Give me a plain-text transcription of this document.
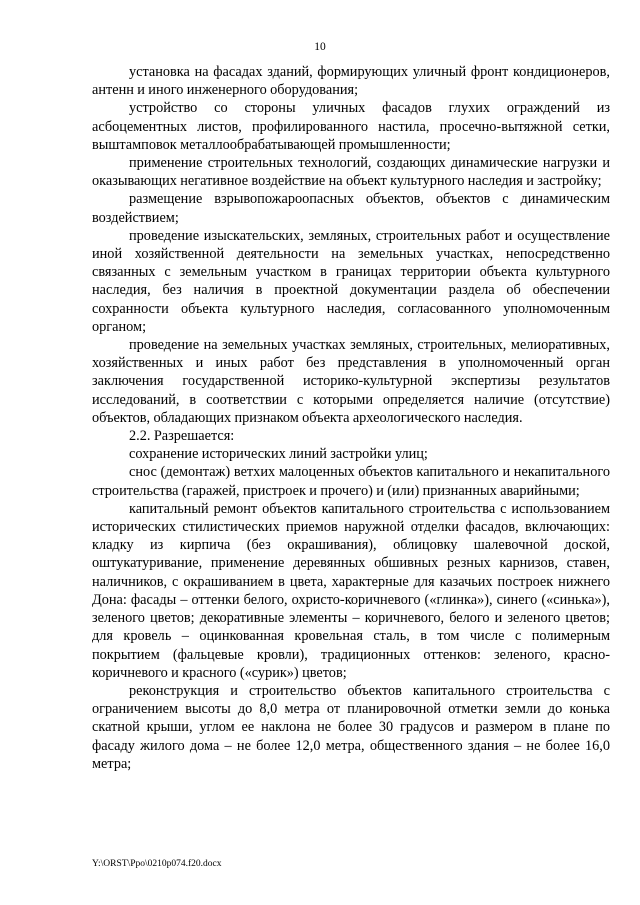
10

установка на фасадах зданий, формирующих уличный фронт кондиционеров, антенн и иного инженерного оборудования;

устройство со стороны уличных фасадов глухих ограждений из асбоцементных листов, профилированного настила, просечно-вытяжной сетки, выштамповок металлообрабатывающей промышленности;

применение строительных технологий, создающих динамические нагрузки и оказывающих негативное воздействие на объект культурного наследия и застройку;

размещение взрывопожароопасных объектов, объектов с динамическим воздействием;

проведение изыскательских, земляных, строительных работ и осуществление иной хозяйственной деятельности на земельных участках, непосредственно связанных с земельным участком в границах территории объекта культурного наследия, без наличия в проектной документации раздела об обеспечении сохранности объекта культурного наследия, согласованного уполномоченным органом;

проведение на земельных участках земляных, строительных, мелиоративных, хозяйственных и иных работ без представления в уполномоченный орган заключения государственной историко-культурной экспертизы результатов исследований, в соответствии с которыми определяется наличие (отсутствие) объектов, обладающих признаком объекта археологического наследия.

2.2. Разрешается:

сохранение исторических линий застройки улиц;

снос (демонтаж) ветхих малоценных объектов капитального и некапитального строительства (гаражей, пристроек и прочего) и (или) признанных аварийными;

капитальный ремонт объектов капитального строительства с использованием исторических стилистических приемов наружной отделки фасадов, включающих: кладку из кирпича (без окрашивания), облицовку шалевочной доской, оштукатуривание, применение деревянных обшивных резных карнизов, ставен, наличников, с окрашиванием в цвета, характерные для казачьих построек нижнего Дона: фасады – оттенки белого, охристо-коричневого («глинка»), синего («синька»), зеленого цветов; декоративные элементы – коричневого, белого и зеленого цветов; для кровель – оцинкованная кровельная сталь, в том числе с полимерным покрытием (фальцевые кровли), традиционных оттенков: зеленого, красно-коричневого и красного («сурик») цветов;

реконструкция и строительство объектов капитального строительства с ограничением высоты до 8,0 метра от планировочной отметки земли до конька скатной крыши, углом ее наклона не более 30 градусов и размером в плане по фасаду жилого дома – не более 12,0 метра, общественного здания – не более 16,0 метра;

Y:\ORST\Ppo\0210p074.f20.docx
